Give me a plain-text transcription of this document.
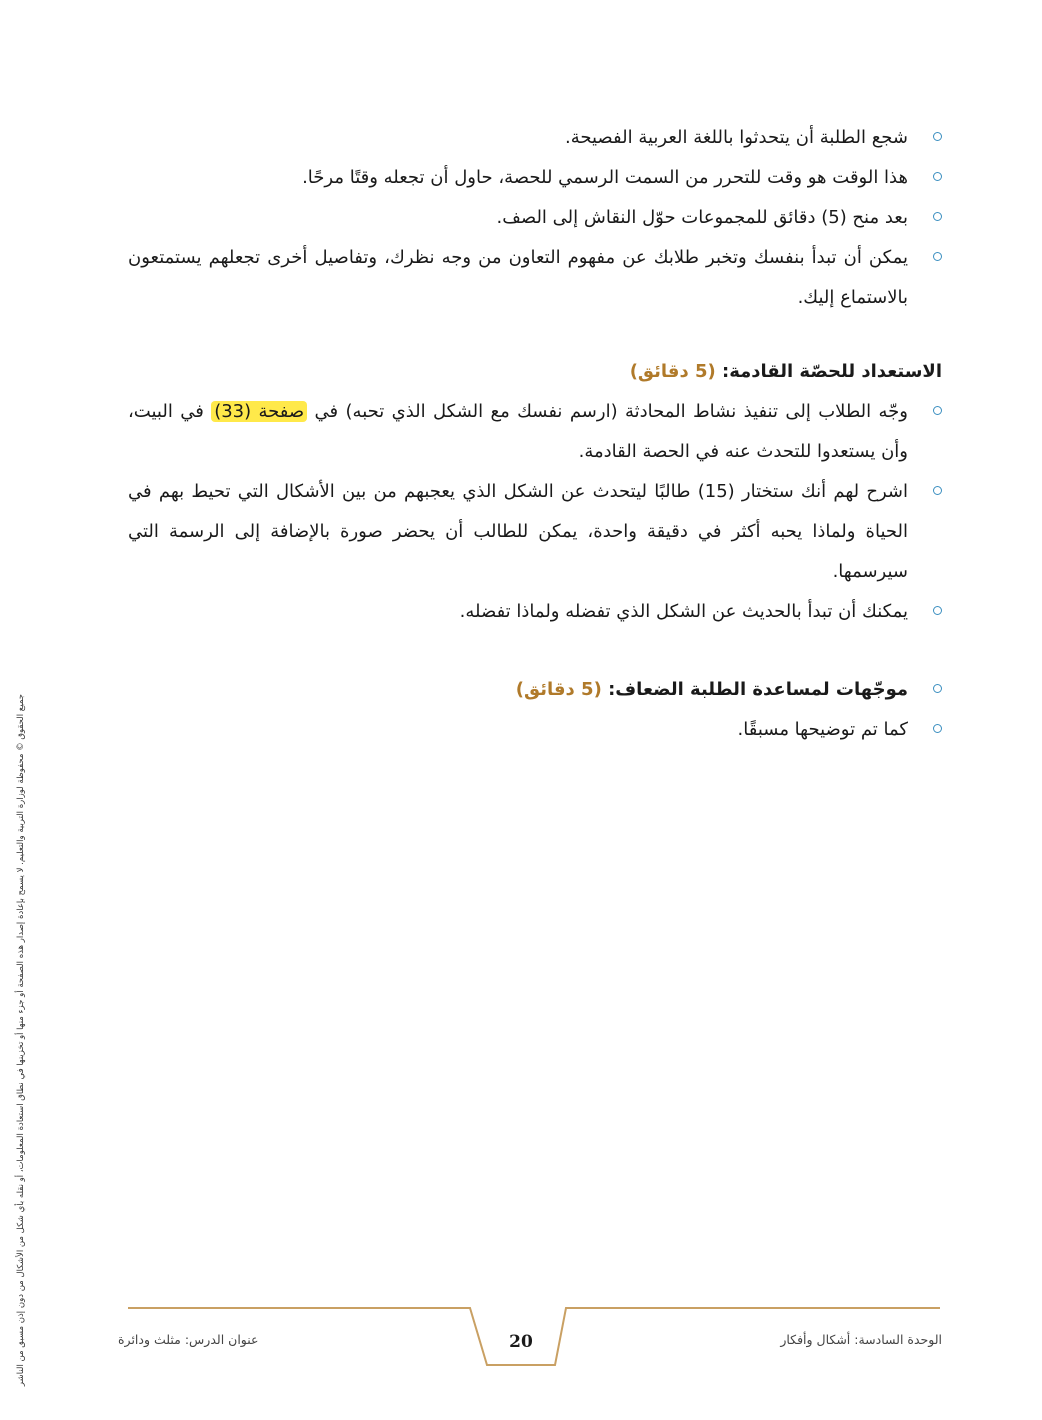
جميع الحقوق © محفوظة لوزارة التربية والتعليم. لا يسمح بإعادة إصدار هذه الصفحة أو جزء منها أو تخزينها في نطاق استعادة المعلومات، أو نقله بأي شكل من الأشكال من دون إذن مسبق من الناشر
شجع الطلبة أن يتحدثوا باللغة العربية الفصيحة.
هذا الوقت هو وقت للتحرر من السمت الرسمي للحصة، حاول أن تجعله وقتًا مرحًا.
بعد منح (5) دقائق للمجموعات حوّل النقاش إلى الصف.
يمكن أن تبدأ بنفسك وتخبر طلابك عن مفهوم التعاون من وجه نظرك، وتفاصيل أخرى تجعلهم يستمتعون بالاستماع إليك.
الاستعداد للحصّة القادمة: (5 دقائق)
وجّه الطلاب إلى تنفيذ نشاط المحادثة (ارسم نفسك مع الشكل الذي تحبه) في صفحة (33) في البيت، وأن يستعدوا للتحدث عنه في الحصة القادمة.
اشرح لهم أنك ستختار (15) طالبًا ليتحدث عن الشكل الذي يعجبهم من بين الأشكال التي تحيط بهم في الحياة ولماذا يحبه أكثر في دقيقة واحدة، يمكن للطالب أن يحضر صورة بالإضافة إلى الرسمة التي سيرسمها.
يمكنك أن تبدأ بالحديث عن الشكل الذي تفضله ولماذا تفضله.
موجّهات لمساعدة الطلبة الضعاف: (5 دقائق)
كما تم توضيحها مسبقًا.
20	الوحدة السادسة: أشكال وأفكار
عنوان الدرس: مثلث ودائرة
